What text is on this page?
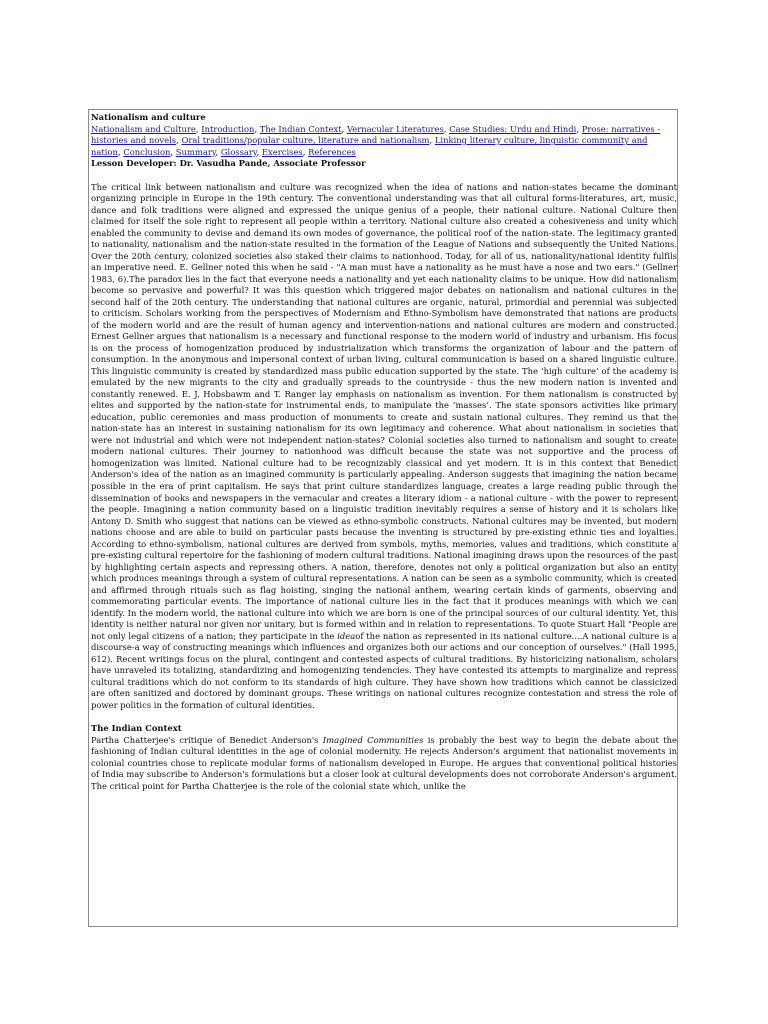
Nationalism and culture
Nationalism and Culture, Introduction, The Indian Context, Vernacular Literatures, Case Studies: Urdu and Hindi, Prose: narratives - histories and novels, Oral traditions/popular culture, literature and nationalism, Linking literary culture, linguistic community and nation, Conclusion, Summary, Glossary, Exercises, References
Lesson Developer: Dr. Vasudha Pande, Associate Professor

The critical link between nationalism and culture was recognized when the idea of nations and nation-states became the dominant organizing principle in Europe in the 19th century. The conventional understanding was that all cultural forms-literatures, art, music, dance and folk traditions were aligned and expressed the unique genius of a people, their national culture. National Culture then claimed for itself the sole right to represent all people within a territory. National culture also created a cohesiveness and unity which enabled the community to devise and demand its own modes of governance, the political roof of the nation-state. The legitimacy granted to nationality, nationalism and the nation-state resulted in the formation of the League of Nations and subsequently the United Nations. Over the 20th century, colonized societies also staked their claims to nationhood. Today, for all of us, nationality/national identity fulfils an imperative need. E. Gellner noted this when he said - "A man must have a nationality as he must have a nose and two ears." (Gellner 1983, 6).The paradox lies in the fact that everyone needs a nationality and yet each nationality claims to be unique. How did nationalism become so pervasive and powerful? It was this question which triggered major debates on nationalism and national cultures in the second half of the 20th century. The understanding that national cultures are organic, natural, primordial and perennial was subjected to criticism. Scholars working from the perspectives of Modernism and Ethno-Symbolism have demonstrated that nations are products of the modern world and are the result of human agency and intervention-nations and national cultures are modern and constructed. Ernest Gellner argues that nationalism is a necessary and functional response to the modern world of industry and urbanism. His focus is on the process of homogenization produced by industrialization which transforms the organization of labour and the pattern of consumption. In the anonymous and impersonal context of urban living, cultural communication is based on a shared linguistic culture. This linguistic community is created by standardized mass public education supported by the state. The ‘high culture’ of the academy is emulated by the new migrants to the city and gradually spreads to the countryside - thus the new modern nation is invented and constantly renewed. E. J. Hobsbawm and T. Ranger lay emphasis on nationalism as invention. For them nationalism is constructed by elites and supported by the nation-state for instrumental ends, to manipulate the ‘masses’. The state sponsors activities like primary education, public ceremonies and mass production of monuments to create and sustain national cultures. They remind us that the nation-state has an interest in sustaining nationalism for its own legitimacy and coherence. What about nationalism in societies that were not industrial and which were not independent nation-states? Colonial societies also turned to nationalism and sought to create modern national cultures. Their journey to nationhood was difficult because the state was not supportive and the process of homogenization was limited. National culture had to be recognizably classical and yet modern. It is in this context that Benedict Anderson's idea of the nation as an imagined community is particularly appealing. Anderson suggests that imagining the nation became possible in the era of print capitalism. He says that print culture standardizes language, creates a large reading public through the dissemination of books and newspapers in the vernacular and creates a literary idiom - a national culture - with the power to represent the people. Imagining a nation community based on a linguistic tradition inevitably requires a sense of history and it is scholars like Antony D. Smith who suggest that nations can be viewed as ethno-symbolic constructs. National cultures may be invented, but modern nations choose and are able to build on particular pasts because the inventing is structured by pre-existing ethnic ties and loyalties. According to ethno-symbolism, national cultures are derived from symbols, myths, memories, values and traditions, which constitute a pre-existing cultural repertoire for the fashioning of modern cultural traditions. National imagining draws upon the resources of the past by highlighting certain aspects and repressing others. A nation, therefore, denotes not only a political organization but also an entity which produces meanings through a system of cultural representations. A nation can be seen as a symbolic community, which is created and affirmed through rituals such as flag hoisting, singing the national anthem, wearing certain kinds of garments, observing and commemorating particular events. The importance of national culture lies in the fact that it produces meanings with which we can identify. In the modern world, the national culture into which we are born is one of the principal sources of our cultural identity. Yet, this identity is neither natural nor given nor unitary, but is formed within and in relation to representations. To quote Stuart Hall "People are not only legal citizens of a nation; they participate in the ideaof the nation as represented in its national culture....A national culture is a discourse-a way of constructing meanings which influences and organizes both our actions and our conception of ourselves." (Hall 1995, 612). Recent writings focus on the plural, contingent and contested aspects of cultural traditions. By historicizing nationalism, scholars have unraveled its totalizing, standardizing and homogenizing tendencies. They have contested its attempts to marginalize and repress cultural traditions which do not conform to its standards of high culture. They have shown how traditions which cannot be classicized are often sanitized and doctored by dominant groups. These writings on national cultures recognize contestation and stress the role of power politics in the formation of cultural identities.

The Indian Context

Partha Chatterjee's critique of Benedict Anderson's Imagined Communities is probably the best way to begin the debate about the fashioning of Indian cultural identities in the age of colonial modernity. He rejects Anderson's argument that nationalist movements in colonial countries chose to replicate modular forms of nationalism developed in Europe. He argues that conventional political histories of India may subscribe to Anderson's formulations but a closer look at cultural developments does not corroborate Anderson's argument. The critical point for Partha Chatterjee is the role of the colonial state which, unlike the
